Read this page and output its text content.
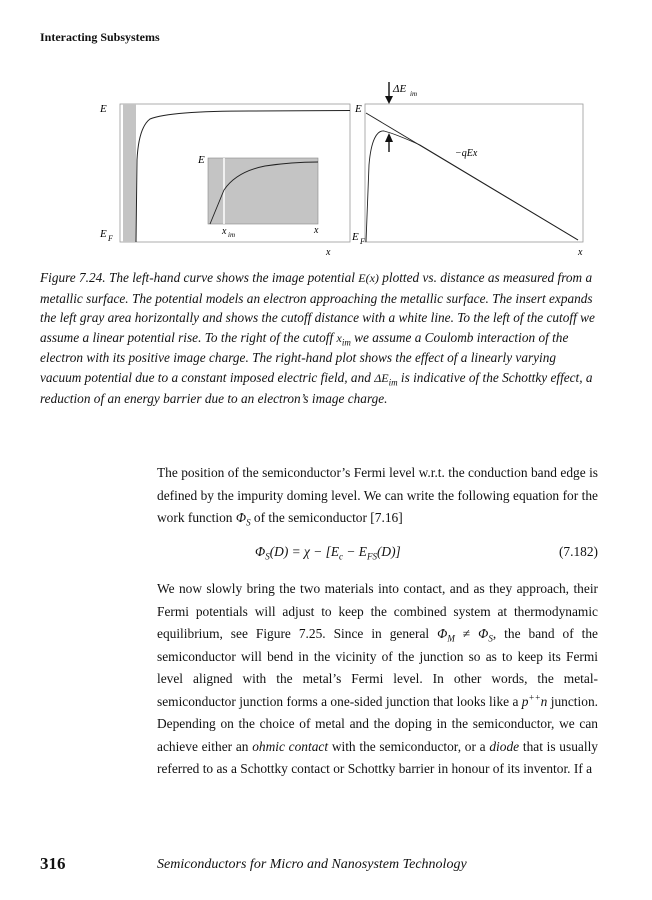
Interacting Subsystems
E
E F
x
E
x im	x
ΔE im
−qEx
E
E F
x
Figure 7.24. The left-hand curve shows the image potential E(x) plotted vs. distance as measured from a metallic surface. The potential models an electron approaching the metallic surface. The insert expands the left gray area horizontally and shows the cutoff distance with a white line. To the left of the cutoff we assume a linear potential rise. To the right of the cutoff $x_{im}$ we assume a Coulomb interaction of the electron with its positive image charge. The right-hand plot shows the effect of a linearly varying vacuum potential due to a constant imposed electric field, and $\Delta E_{im}$ is indicative of the Schottky effect, a reduction of an energy barrier due to an electron’s image charge.
The position of the semiconductor’s Fermi level w.r.t. the conduction band edge is defined by the impurity doming level. We can write the following equation for the work function $\Phi_S$ of the semiconductor [7.16]
$\Phi_S(D) = \chi - [E_c - E_{FS}(D)]$	(7.182)
We now slowly bring the two materials into contact, and as they approach, their Fermi potentials will adjust to keep the combined system at thermodynamic equilibrium, see Figure 7.25. Since in general $\Phi_M \ne \Phi_S$, the band of the semiconductor will bend in the vicinity of the junction so as to keep its Fermi level aligned with the metal’s Fermi level. In other words, the metal-semiconductor junction forms a one-sided junction that looks like a p++n junction. Depending on the choice of metal and the doping in the semiconductor, we can achieve either an ohmic contact with the semiconductor, or a diode that is usually referred to as a Schottky contact or Schottky barrier in honour of its inventor. If a
316	Semiconductors for Micro and Nanosystem Technology
